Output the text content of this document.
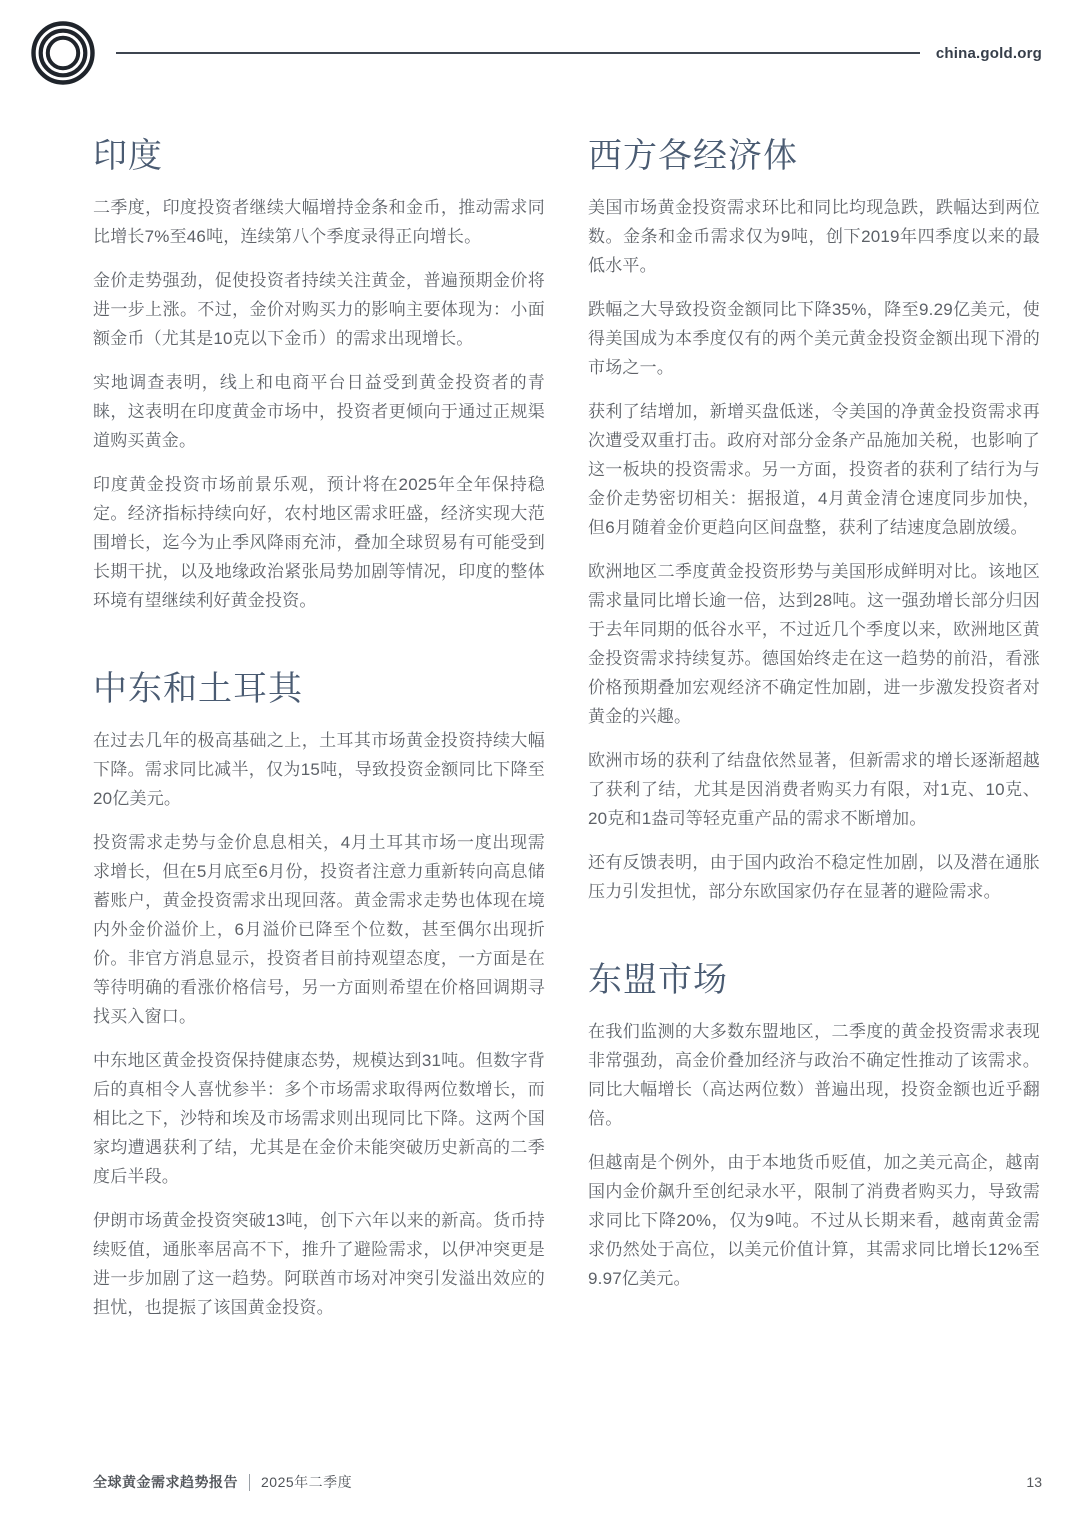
china.gold.org
印度

二季度，印度投资者继续大幅增持金条和金币，推动需求同比增长7%至46吨，连续第八个季度录得正向增长。

金价走势强劲，促使投资者持续关注黄金，普遍预期金价将进一步上涨。不过，金价对购买力的影响主要体现为：小面额金币（尤其是10克以下金币）的需求出现增长。

实地调查表明，线上和电商平台日益受到黄金投资者的青睐，这表明在印度黄金市场中，投资者更倾向于通过正规渠道购买黄金。

印度黄金投资市场前景乐观，预计将在2025年全年保持稳定。经济指标持续向好，农村地区需求旺盛，经济实现大范围增长，迄今为止季风降雨充沛，叠加全球贸易有可能受到长期干扰，以及地缘政治紧张局势加剧等情况，印度的整体环境有望继续利好黄金投资。

中东和土耳其

在过去几年的极高基础之上，土耳其市场黄金投资持续大幅下降。需求同比减半，仅为15吨，导致投资金额同比下降至20亿美元。

投资需求走势与金价息息相关，4月土耳其市场一度出现需求增长，但在5月底至6月份，投资者注意力重新转向高息储蓄账户，黄金投资需求出现回落。黄金需求走势也体现在境内外金价溢价上，6月溢价已降至个位数，甚至偶尔出现折价。非官方消息显示，投资者目前持观望态度，一方面是在等待明确的看涨价格信号，另一方面则希望在价格回调期寻找买入窗口。

中东地区黄金投资保持健康态势，规模达到31吨。但数字背后的真相令人喜忧参半：多个市场需求取得两位数增长，而相比之下，沙特和埃及市场需求则出现同比下降。这两个国家均遭遇获利了结，尤其是在金价未能突破历史新高的二季度后半段。

伊朗市场黄金投资突破13吨，创下六年以来的新高。货币持续贬值，通胀率居高不下，推升了避险需求，以伊冲突更是进一步加剧了这一趋势。阿联酋市场对冲突引发溢出效应的担忧，也提振了该国黄金投资。

西方各经济体

美国市场黄金投资需求环比和同比均现急跌，跌幅达到两位数。金条和金币需求仅为9吨，创下2019年四季度以来的最低水平。

跌幅之大导致投资金额同比下降35%，降至9.29亿美元，使得美国成为本季度仅有的两个美元黄金投资金额出现下滑的市场之一。

获利了结增加，新增买盘低迷，令美国的净黄金投资需求再次遭受双重打击。政府对部分金条产品施加关税，也影响了这一板块的投资需求。另一方面，投资者的获利了结行为与金价走势密切相关：据报道，4月黄金清仓速度同步加快，但6月随着金价更趋向区间盘整，获利了结速度急剧放缓。

欧洲地区二季度黄金投资形势与美国形成鲜明对比。该地区需求量同比增长逾一倍，达到28吨。这一强劲增长部分归因于去年同期的低谷水平，不过近几个季度以来，欧洲地区黄金投资需求持续复苏。德国始终走在这一趋势的前沿，看涨价格预期叠加宏观经济不确定性加剧，进一步激发投资者对黄金的兴趣。

欧洲市场的获利了结盘依然显著，但新需求的增长逐渐超越了获利了结，尤其是因消费者购买力有限，对1克、10克、20克和1盎司等轻克重产品的需求不断增加。

还有反馈表明，由于国内政治不稳定性加剧，以及潜在通胀压力引发担忧，部分东欧国家仍存在显著的避险需求。

东盟市场

在我们监测的大多数东盟地区，二季度的黄金投资需求表现非常强劲，高金价叠加经济与政治不确定性推动了该需求。同比大幅增长（高达两位数）普遍出现，投资金额也近乎翻倍。

但越南是个例外，由于本地货币贬值，加之美元高企，越南国内金价飙升至创纪录水平，限制了消费者购买力，导致需求同比下降20%，仅为9吨。不过从长期来看，越南黄金需求仍然处于高位，以美元价值计算，其需求同比增长12%至9.97亿美元。

全球黄金需求趋势报告 2025年二季度	13
